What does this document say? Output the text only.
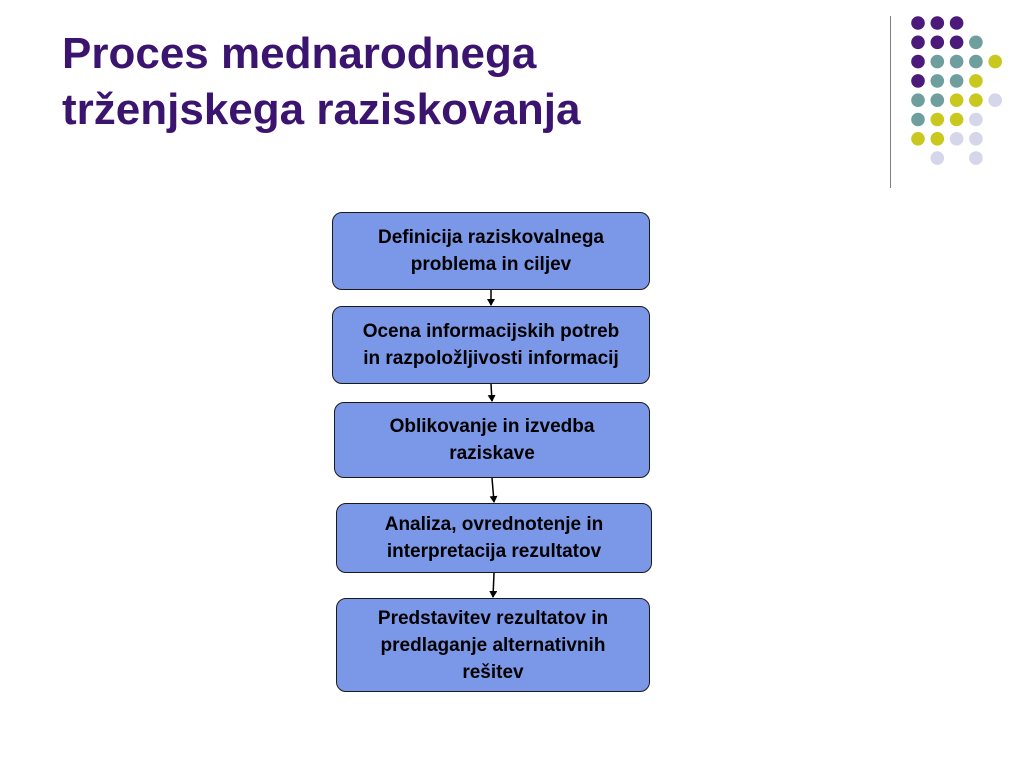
Proces mednarodnega
trženjskega raziskovanja
Definicija raziskovalnega
problema in ciljev
Ocena informacijskih potreb
in razpoložljivosti informacij
Oblikovanje in izvedba
raziskave
Analiza, ovrednotenje in
interpretacija rezultatov
Predstavitev rezultatov in
predlaganje alternativnih
rešitev
